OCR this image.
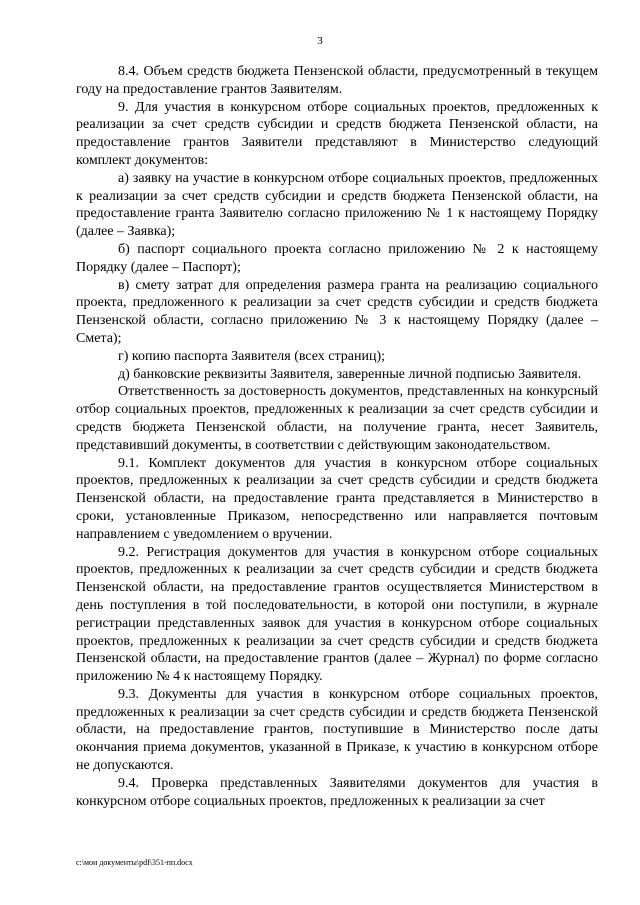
3

8.4. Объем средств бюджета Пензенской области, предусмотренный в текущем году на предоставление грантов Заявителям.

9. Для участия в конкурсном отборе социальных проектов, предложенных к реализации за счет средств субсидии и средств бюджета Пензенской области, на предоставление грантов Заявители представляют в Министерство следующий комплект документов:

а) заявку на участие в конкурсном отборе социальных проектов, предложенных к реализации за счет средств субсидии и средств бюджета Пензенской области, на предоставление гранта Заявителю согласно приложению № 1 к настоящему Порядку (далее – Заявка);

б) паспорт социального проекта согласно приложению № 2 к настоящему Порядку (далее – Паспорт);

в) смету затрат для определения размера гранта на реализацию социального проекта, предложенного к реализации за счет средств субсидии и средств бюджета Пензенской области, согласно приложению № 3 к настоящему Порядку (далее – Смета);

г) копию паспорта Заявителя (всех страниц);

д) банковские реквизиты Заявителя, заверенные личной подписью Заявителя.

Ответственность за достоверность документов, представленных на конкурсный отбор социальных проектов, предложенных к реализации за счет средств субсидии и средств бюджета Пензенской области, на получение гранта, несет Заявитель, представивший документы, в соответствии с действующим законодательством.

9.1. Комплект документов для участия в конкурсном отборе социальных проектов, предложенных к реализации за счет средств субсидии и средств бюджета Пензенской области, на предоставление гранта представляется в Министерство в сроки, установленные Приказом, непосредственно или направляется почтовым направлением с уведомлением о вручении.

9.2. Регистрация документов для участия в конкурсном отборе социальных проектов, предложенных к реализации за счет средств субсидии и средств бюджета Пензенской области, на предоставление грантов осуществляется Министерством в день поступления в той последовательности, в которой они поступили, в журнале регистрации представленных заявок для участия в конкурсном отборе социальных проектов, предложенных к реализации за счет средств субсидии и средств бюджета Пензенской области, на предоставление грантов (далее – Журнал) по форме согласно приложению № 4 к настоящему Порядку.

9.3. Документы для участия в конкурсном отборе социальных проектов, предложенных к реализации за счет средств субсидии и средств бюджета Пензенской области, на предоставление грантов, поступившие в Министерство после даты окончания приема документов, указанной в Приказе, к участию в конкурсном отборе не допускаются.

9.4. Проверка представленных Заявителями документов для участия в конкурсном отборе социальных проектов, предложенных к реализации за счет

c:\мои документы\pdf\351-пп.docx
